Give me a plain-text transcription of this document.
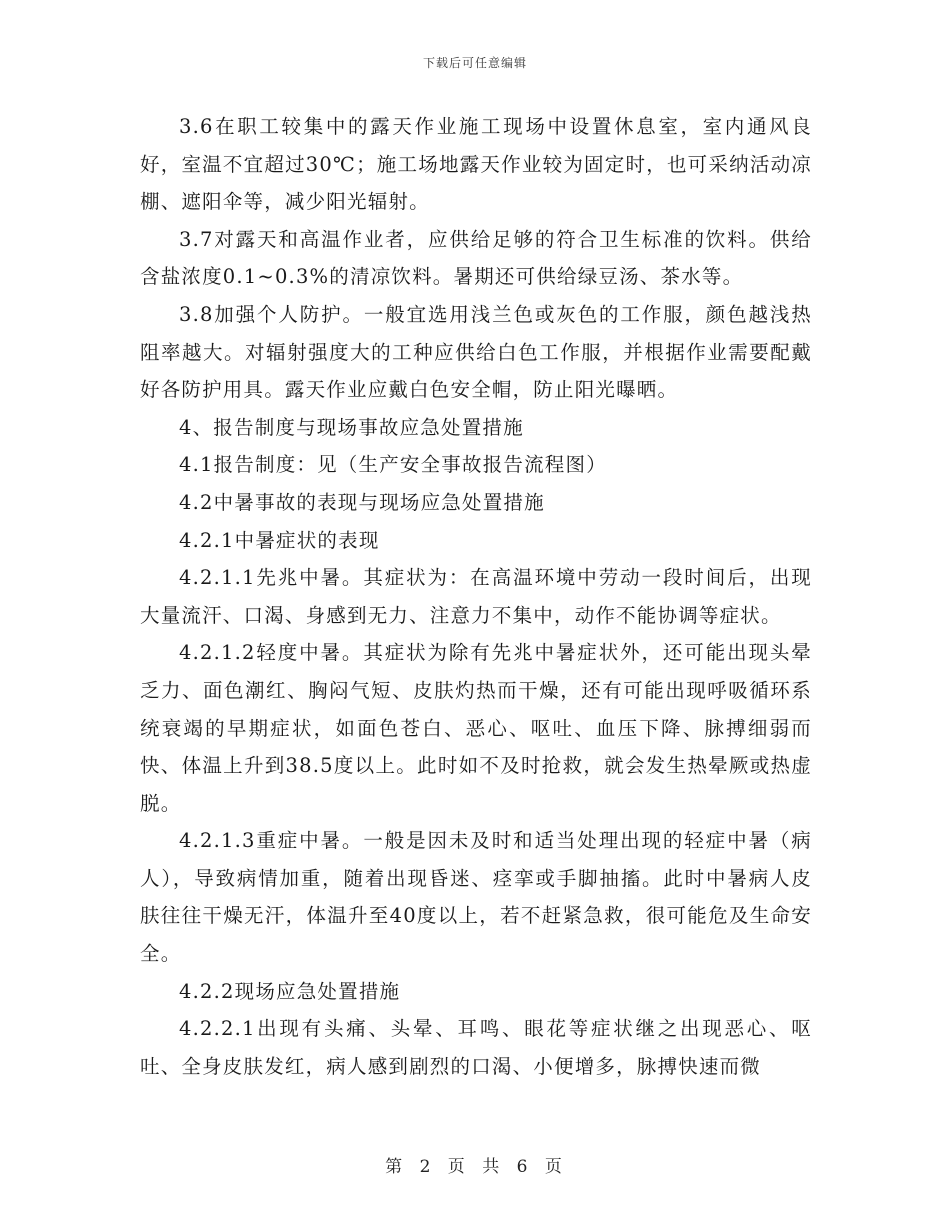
下载后可任意编辑

3.6在职工较集中的露天作业施工现场中设置休息室，室内通风良好，室温不宜超过30℃；施工场地露天作业较为固定时，也可采纳活动凉棚、遮阳伞等，减少阳光辐射。

3.7对露天和高温作业者，应供给足够的符合卫生标准的饮料。供给含盐浓度0.1~0.3%的清凉饮料。暑期还可供给绿豆汤、茶水等。

3.8加强个人防护。一般宜选用浅兰色或灰色的工作服，颜色越浅热阻率越大。对辐射强度大的工种应供给白色工作服，并根据作业需要配戴好各防护用具。露天作业应戴白色安全帽，防止阳光曝晒。

4、报告制度与现场事故应急处置措施

4.1报告制度：见（生产安全事故报告流程图）

4.2中暑事故的表现与现场应急处置措施

4.2.1中暑症状的表现

4.2.1.1先兆中暑。其症状为：在高温环境中劳动一段时间后，出现大量流汗、口渴、身感到无力、注意力不集中，动作不能协调等症状。

4.2.1.2轻度中暑。其症状为除有先兆中暑症状外，还可能出现头晕乏力、面色潮红、胸闷气短、皮肤灼热而干燥，还有可能出现呼吸循环系统衰竭的早期症状，如面色苍白、恶心、呕吐、血压下降、脉搏细弱而快、体温上升到38.5度以上。此时如不及时抢救，就会发生热晕厥或热虚脱。

4.2.1.3重症中暑。一般是因未及时和适当处理出现的轻症中暑（病人），导致病情加重，随着出现昏迷、痉挛或手脚抽搐。此时中暑病人皮肤往往干燥无汗，体温升至40度以上，若不赶紧急救，很可能危及生命安全。

4.2.2现场应急处置措施

4.2.2.1出现有头痛、头晕、耳鸣、眼花等症状继之出现恶心、呕吐、全身皮肤发红，病人感到剧烈的口渴、小便增多，脉搏快速而微

第 2 页 共 6 页
